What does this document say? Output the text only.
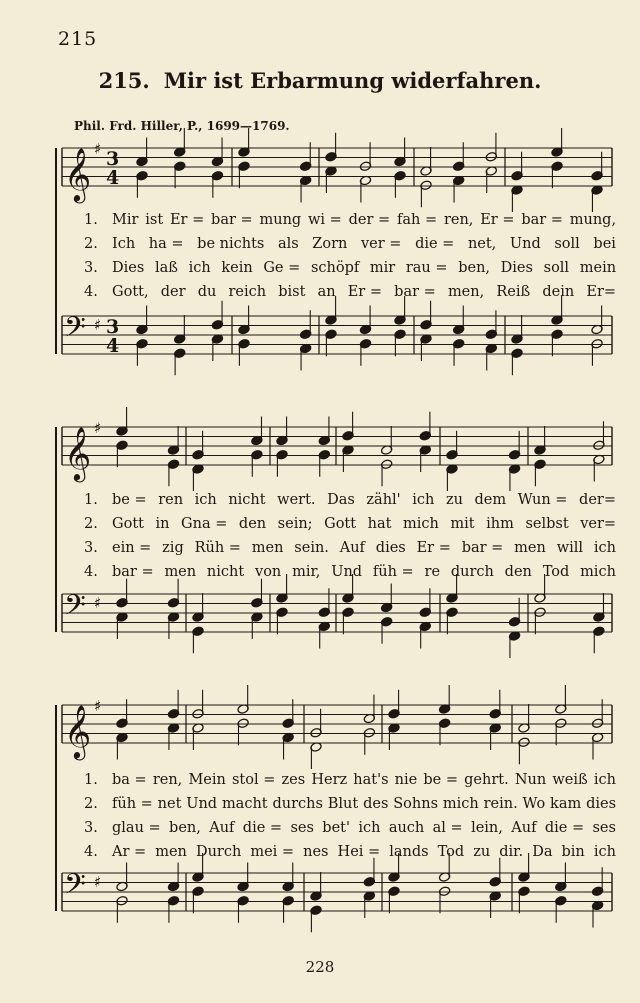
215
215. Mir ist Erbarmung widerfahren.
Phil. Frd. Hiller, P., 1699—1769.
𝄞 ♯ 3
4
𝄢 ♯ 3
4
𝄞 ♯
𝄢 ♯
𝄞 ♯
𝄢 ♯
1. Mir ist Er = bar = mung wi = der = fah = ren, Er = bar = mung,
2. Ich ha = be nichts als Zorn ver = die = net, Und soll bei
3. Dies laß ich kein Ge = schöpf mir rau = ben, Dies soll mein
4. Gott, der du reich bist an Er = bar = men, Reiß dein Er=
1. be = ren ich nicht wert. Das zähl' ich zu dem Wun = der=
2. Gott in Gna = den sein; Gott hat mich mit ihm selbst ver=
3. ein = zig Rüh = men sein. Auf dies Er = bar = men will ich
4. bar = men nicht von mir, Und füh = re durch den Tod mich
1. ba = ren, Mein stol = zes Herz hat's nie be = gehrt. Nun weiß ich
2. füh = net Und macht durchs Blut des Sohns mich rein. Wo kam dies
3. glau = ben, Auf die = ses bet' ich auch al = lein, Auf die = ses
4. Ar = men Durch mei = nes Hei = lands Tod zu dir. Da bin ich
228
